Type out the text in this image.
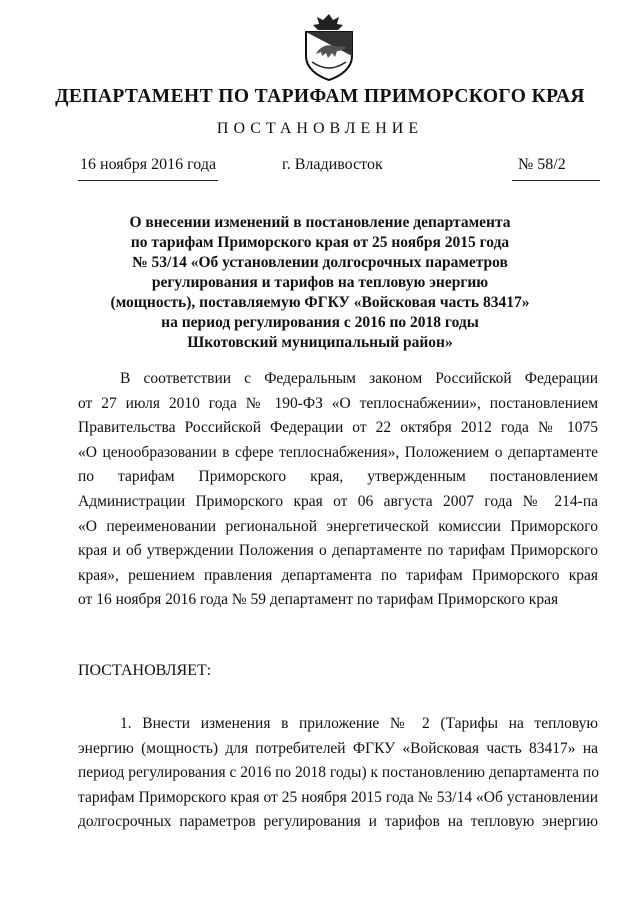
ДЕПАРТАМЕНТ ПО ТАРИФАМ ПРИМОРСКОГО КРАЯ
ПОСТАНОВЛЕНИЕ
16 ноября 2016 года	г. Владивосток	№ 58/2
О внесении изменений в постановление департамента
по тарифам Приморского края от 25 ноября 2015 года
№ 53/14 «Об установлении долгосрочных параметров
регулирования и тарифов на тепловую энергию
(мощность), поставляемую ФГКУ «Войсковая часть 83417»
на период регулирования с 2016 по 2018 годы
Шкотовский муниципальный район»
В соответствии с Федеральным законом Российской Федерации
от 27 июля 2010 года № 190-ФЗ «О теплоснабжении», постановлением
Правительства Российской Федерации от 22 октября 2012 года № 1075
«О ценообразовании в сфере теплоснабжения», Положением о департаменте
по тарифам Приморского края, утвержденным постановлением
Администрации Приморского края от 06 августа 2007 года № 214-па
«О переименовании региональной энергетической комиссии Приморского
края и об утверждении Положения о департаменте по тарифам Приморского
края», решением правления департамента по тарифам Приморского края
от 16 ноября 2016 года № 59 департамент по тарифам Приморского края
ПОСТАНОВЛЯЕТ:
1. Внести изменения в приложение № 2 (Тарифы на тепловую
энергию (мощность) для потребителей ФГКУ «Войсковая часть 83417» на
период регулирования с 2016 по 2018 годы) к постановлению департамента по
тарифам Приморского края от 25 ноября 2015 года № 53/14 «Об установлении
долгосрочных параметров регулирования и тарифов на тепловую энергию
